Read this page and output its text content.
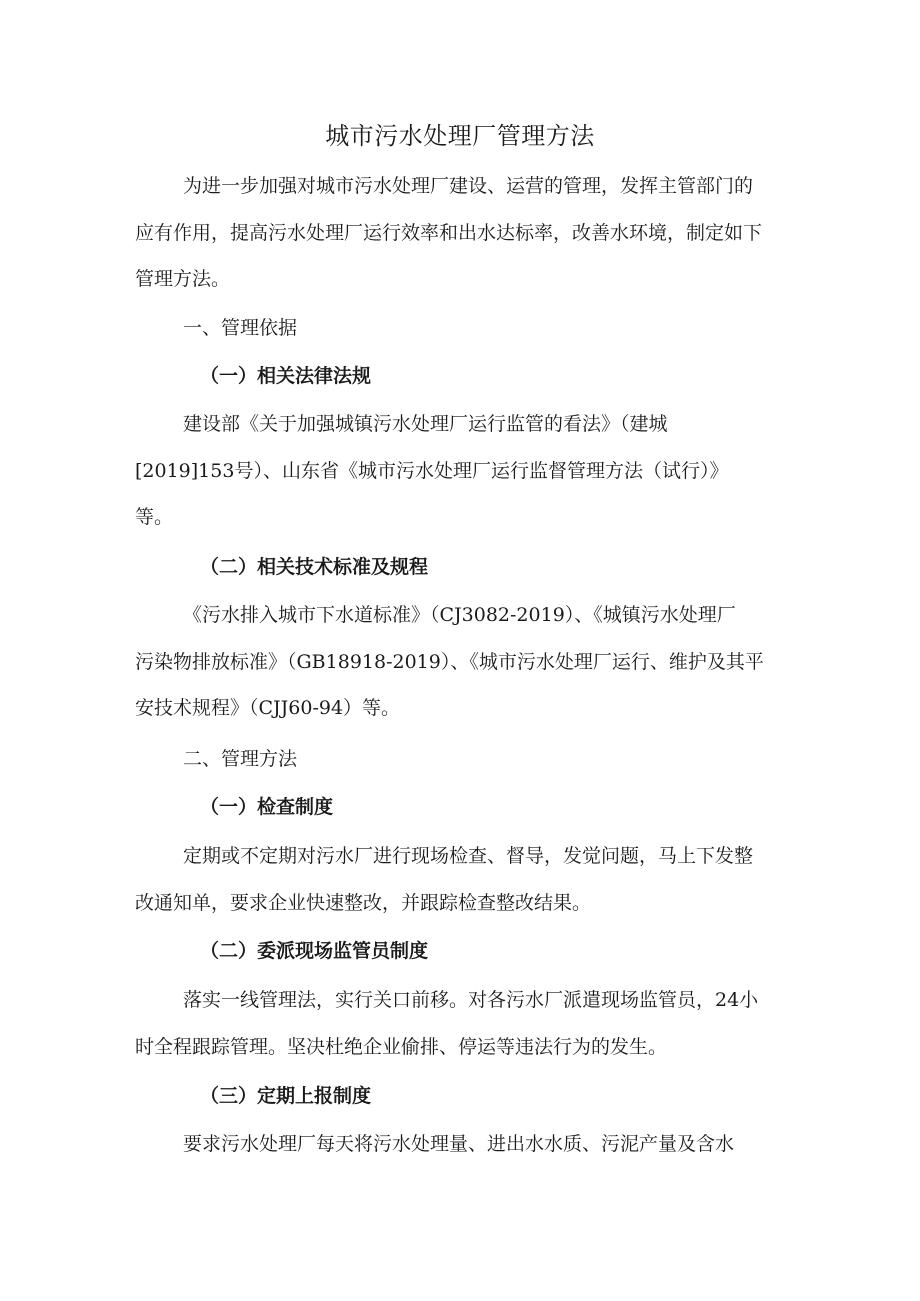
城市污水处理厂管理方法

为进一步加强对城市污水处理厂建设、运营的管理，发挥主管部门的
应有作用，提高污水处理厂运行效率和出水达标率，改善水环境，制定如下
管理方法。

一、管理依据
（一）相关法律法规

建设部《关于加强城镇污水处理厂运行监管的看法》（建城
[2019]153号）、山东省《城市污水处理厂运行监督管理方法（试行）》
等。

（二）相关技术标准及规程

《污水排入城市下水道标准》（CJ3082-2019）、《城镇污水处理厂
污染物排放标准》（GB18918-2019）、《城市污水处理厂运行、维护及其平
安技术规程》（CJJ60-94）等。

二、管理方法
（一）检查制度

定期或不定期对污水厂进行现场检查、督导，发觉问题，马上下发整
改通知单，要求企业快速整改，并跟踪检查整改结果。

（二）委派现场监管员制度

落实一线管理法，实行关口前移。对各污水厂派遣现场监管员，24小
时全程跟踪管理。坚决杜绝企业偷排、停运等违法行为的发生。

（三）定期上报制度

要求污水处理厂每天将污水处理量、进出水水质、污泥产量及含水
